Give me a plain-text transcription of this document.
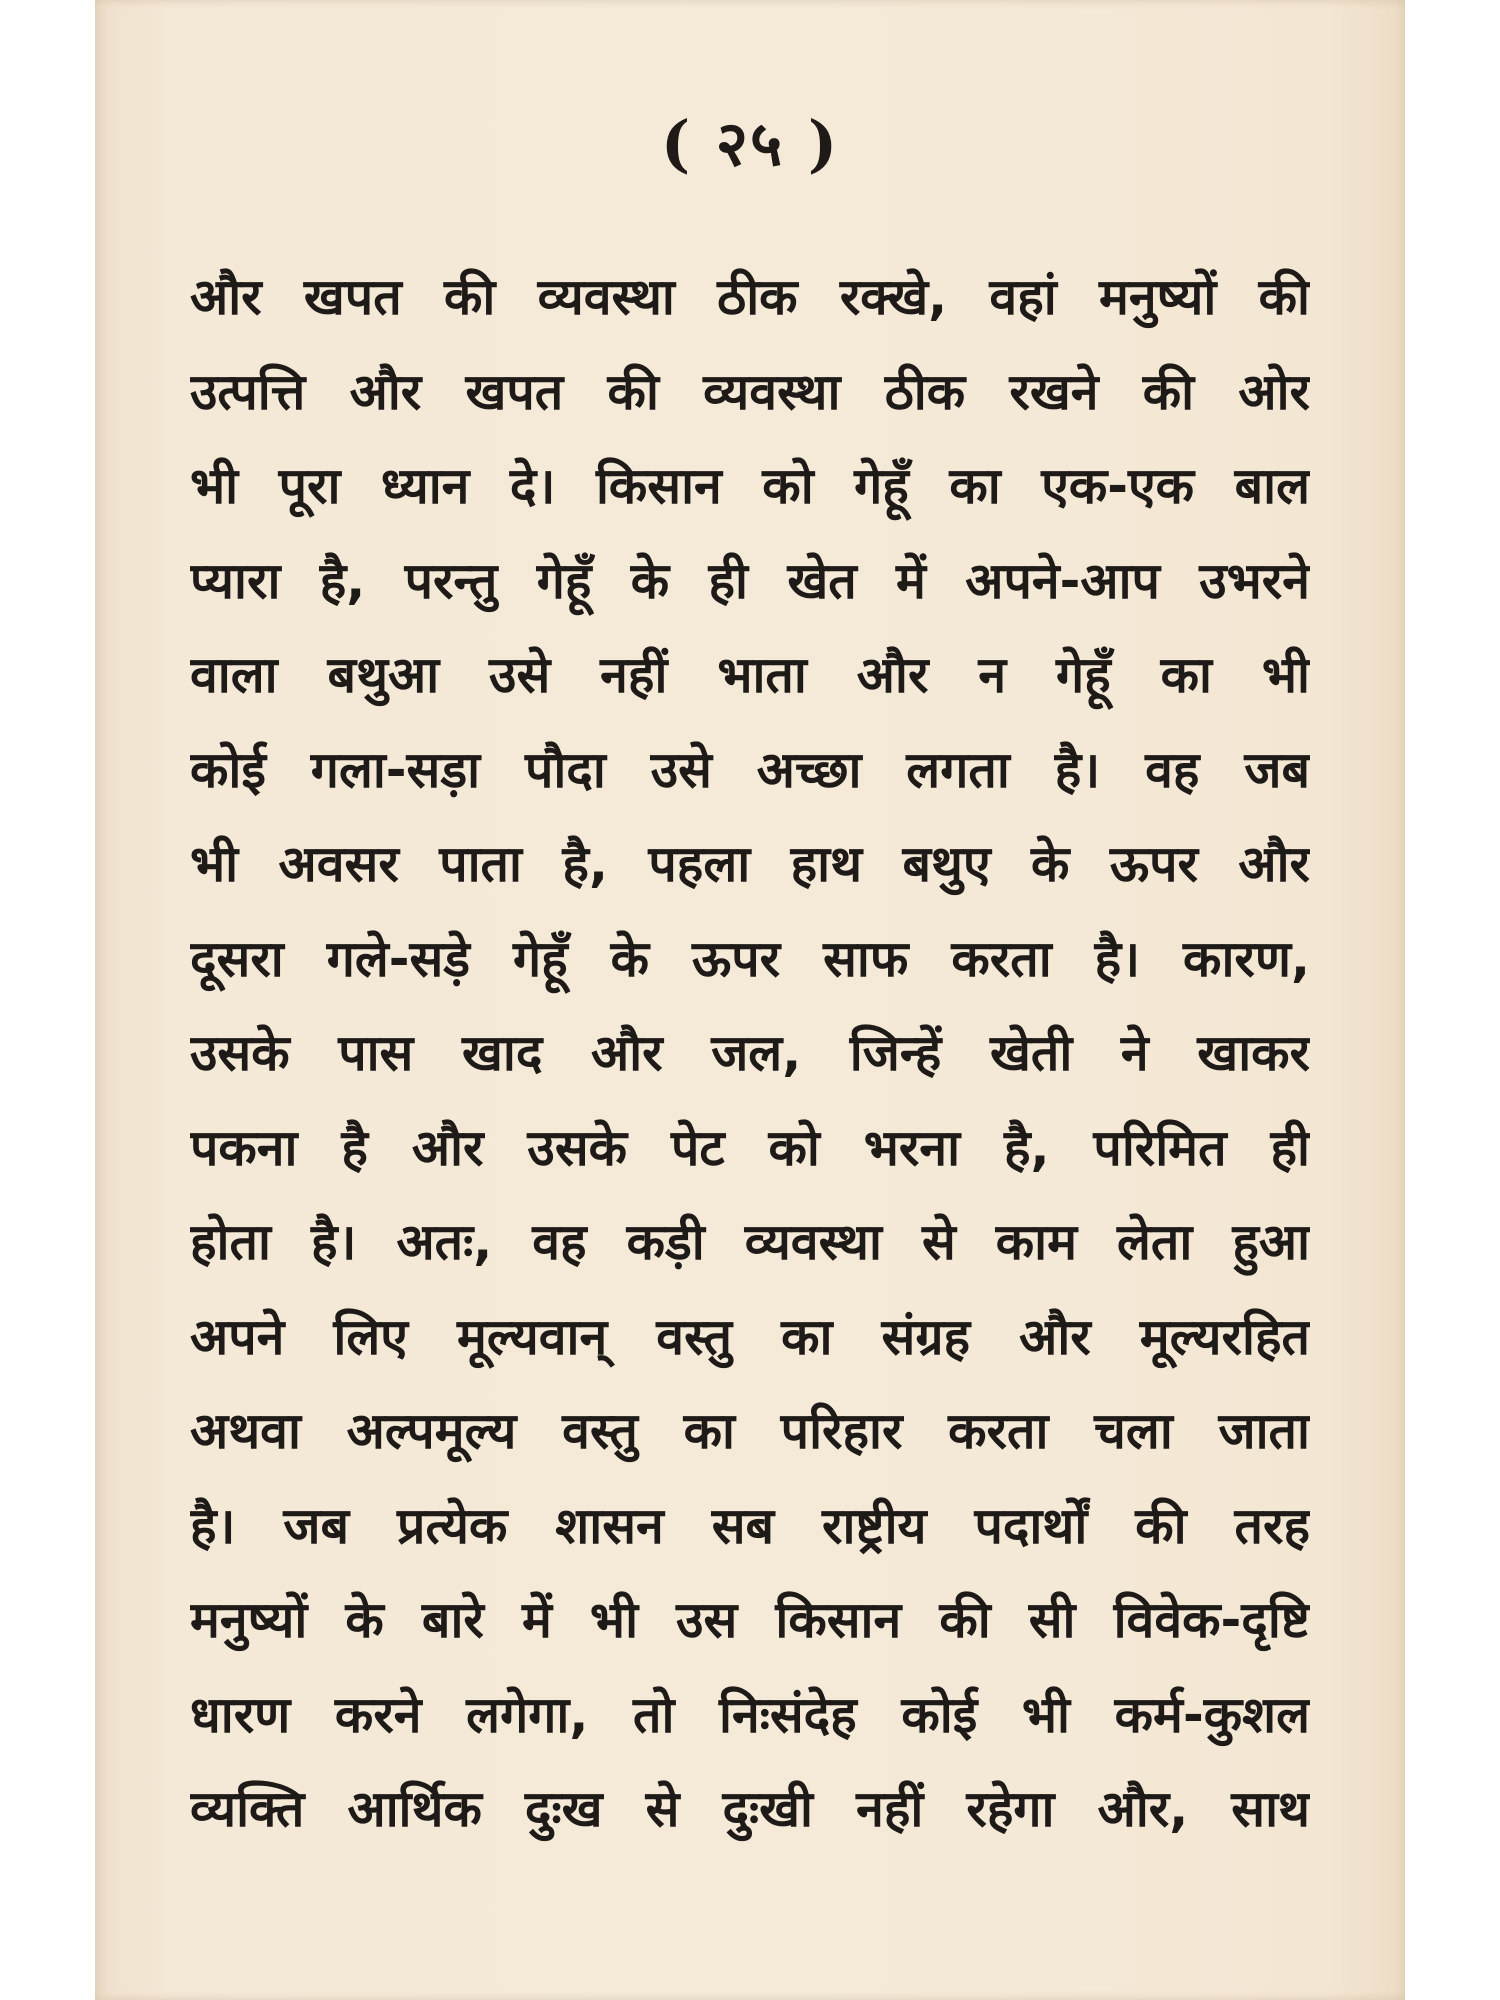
( २५ )
और खपत की व्यवस्था ठीक रक्खे, वहां मनुष्यों की
उत्पत्ति और खपत की व्यवस्था ठीक रखने की ओर
भी पूरा ध्यान दे। किसान को गेहूँ का एक-एक बाल
प्यारा है, परन्तु गेहूँ के ही खेत में अपने-आप उभरने
वाला बथुआ उसे नहीं भाता और न गेहूँ का भी
कोई गला-सड़ा पौदा उसे अच्छा लगता है। वह जब
भी अवसर पाता है, पहला हाथ बथुए के ऊपर और
दूसरा गले-सड़े गेहूँ के ऊपर साफ करता है। कारण,
उसके पास खाद और जल, जिन्हें खेती ने खाकर
पकना है और उसके पेट को भरना है, परिमित ही
होता है। अतः, वह कड़ी व्यवस्था से काम लेता हुआ
अपने लिए मूल्यवान् वस्तु का संग्रह और मूल्यरहित
अथवा अल्पमूल्य वस्तु का परिहार करता चला जाता
है। जब प्रत्येक शासन सब राष्ट्रीय पदार्थों की तरह
मनुष्यों के बारे में भी उस किसान की सी विवेक-दृष्टि
धारण करने लगेगा, तो निःसंदेह कोई भी कर्म-कुशल
व्यक्ति आर्थिक दुःख से दुःखी नहीं रहेगा और, साथ
